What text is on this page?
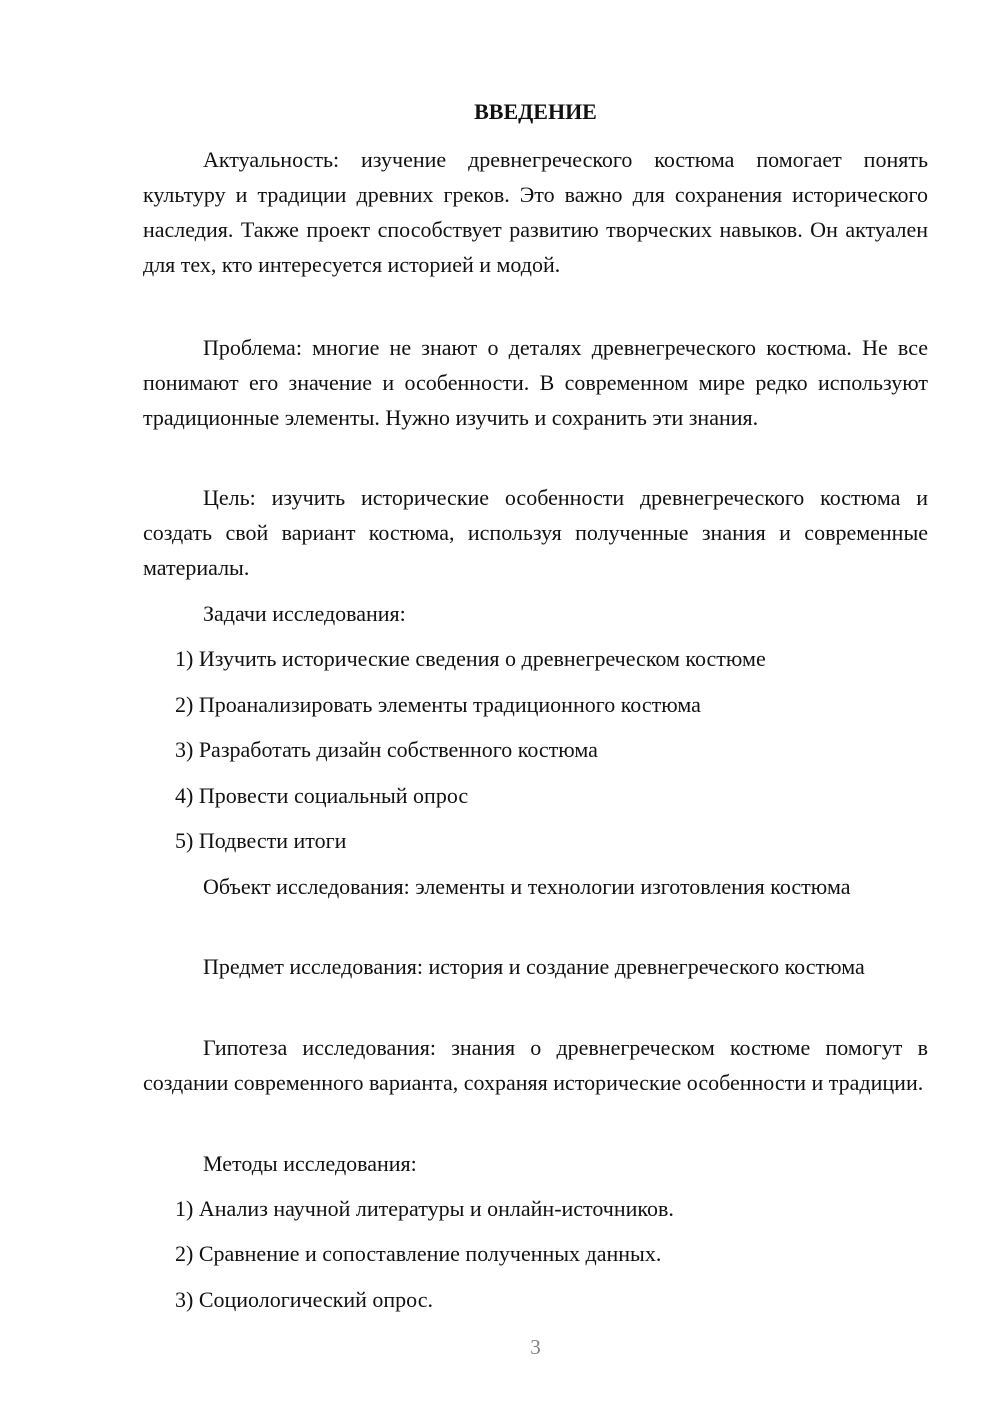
ВВЕДЕНИЕ

Актуальность: изучение древнегреческого костюма помогает понять культуру и традиции древних греков. Это важно для сохранения исторического наследия. Также проект способствует развитию творческих навыков. Он актуален для тех, кто интересуется историей и модой.

Проблема: многие не знают о деталях древнегреческого костюма. Не все понимают его значение и особенности. В современном мире редко используют традиционные элементы. Нужно изучить и сохранить эти знания.

Цель: изучить исторические особенности древнегреческого костюма и создать свой вариант костюма, используя полученные знания и современные материалы.

Задачи исследования:

1) Изучить исторические сведения о древнегреческом костюме

2) Проанализировать элементы традиционного костюма

3) Разработать дизайн собственного костюма

4) Провести социальный опрос

5) Подвести итоги

Объект исследования: элементы и технологии изготовления костюма

Предмет исследования: история и создание древнегреческого костюма

Гипотеза исследования: знания о древнегреческом костюме помогут в создании современного варианта, сохраняя исторические особенности и традиции.

Методы исследования:

1) Анализ научной литературы и онлайн-источников.

2) Сравнение и сопоставление полученных данных.

3) Социологический опрос.

3
